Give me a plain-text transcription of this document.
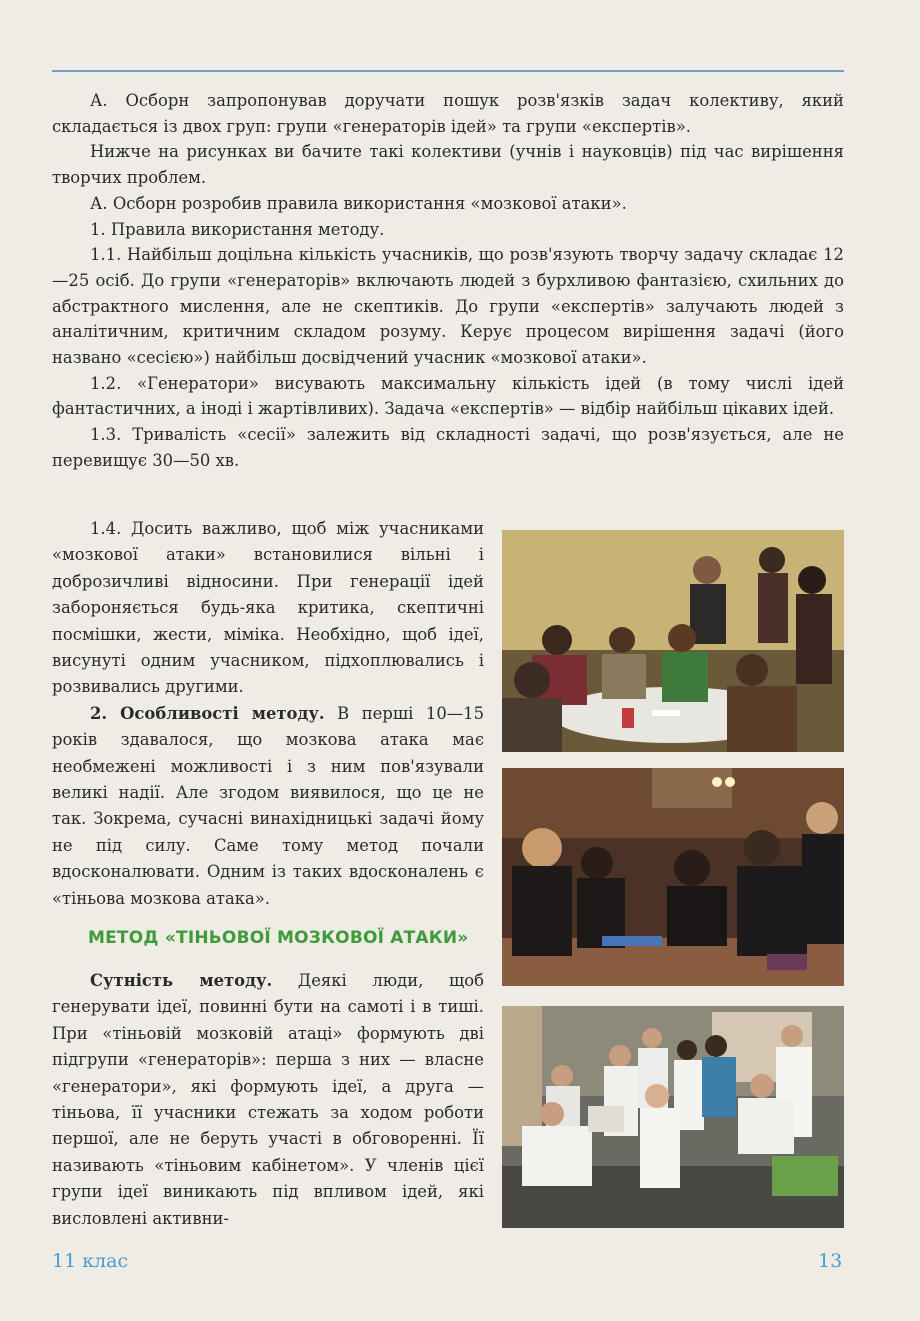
А. Осборн запропонував доручати пошук розв'язків задач колективу, який складається із двох груп: групи «генераторів ідей» та групи «експертів».

Нижче на рисунках ви бачите такі колективи (учнів і науковців) під час вирішення творчих проблем.

А. Осборн розробив правила використання «мозкової атаки».

1. Правила використання методу.

1.1. Найбільш доцільна кількість учасників, що розв'язують творчу задачу складає 12—25 осіб. До групи «генераторів» включають людей з бурхливою фантазією, схильних до абстрактного мислення, але не скептиків. До групи «експертів» залучають людей з аналітичним, критичним складом розуму. Керує процесом вирішення задачі (його названо «сесією») найбільш досвідчений учасник «мозкової атаки».

1.2. «Генератори» висувають максимальну кількість ідей (в тому числі ідей фантастичних, а іноді і жартівливих). Задача «експертів» — відбір найбільш цікавих ідей.

1.3. Тривалість «сесії» залежить від складності задачі, що розв'язується, але не перевищує 30—50 хв.

1.4. Досить важливо, щоб між учасниками «мозкової атаки» встановилися вільні і доброзичливі відносини. При генерації ідей забороняється будь-яка критика, скептичні посмішки, жести, міміка. Необхідно, щоб ідеї, висунуті одним учасником, підхоплювались і розвивались другими.

2. Особливості методу. В перші 10—15 років здавалося, що мозкова атака має необмежені можливості і з ним пов'язували великі надії. Але згодом виявилося, що це не так. Зокрема, сучасні винахідницькі задачі йому не під силу. Саме тому метод почали вдосконалювати. Одним із таких вдосконалень є «тіньова мозкова атака».

МЕТОД «ТІНЬОВОЇ МОЗКОВОЇ АТАКИ»

Сутність методу. Деякі люди, щоб генерувати ідеї, повинні бути на самоті і в тиші. При «тіньовій мозковій атаці» формують дві підгрупи «генераторів»: перша з них — власне «генератори», які формують ідеї, а друга — тіньова, її учасники стежать за ходом роботи першої, але не беруть участі в обговоренні. Її називають «тіньовим кабінетом». У членів цієї групи ідеї виникають під впливом ідей, які висловлені активни-

11 клас	13
